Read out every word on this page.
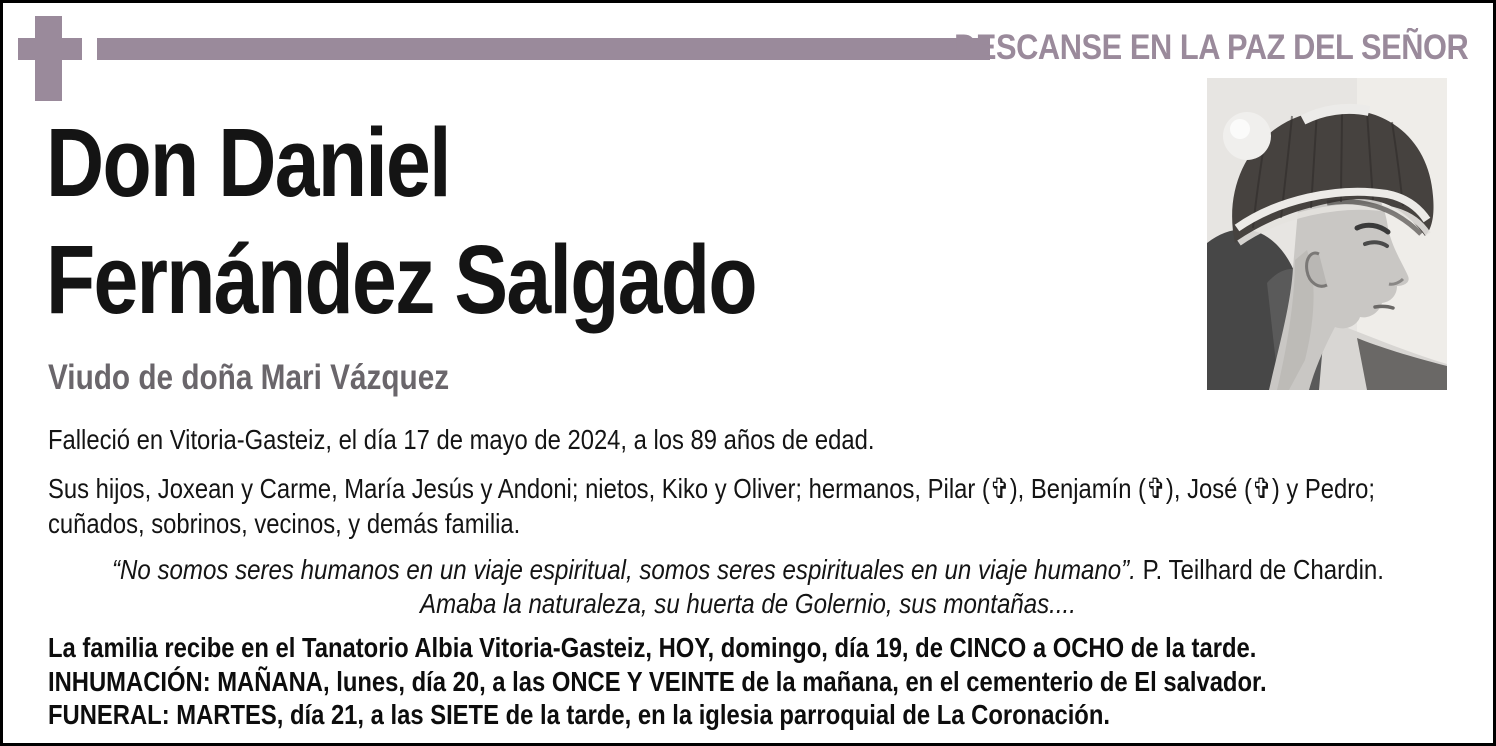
DESCANSE EN LA PAZ DEL SEÑOR
Don Daniel
Fernández Salgado
Viudo de doña Mari Vázquez
Falleció en Vitoria-Gasteiz, el día 17 de mayo de 2024, a los 89 años de edad.
Sus hijos, Joxean y Carme, María Jesús y Andoni; nietos, Kiko y Oliver; hermanos, Pilar (✞), Benjamín (✞), José (✞) y Pedro;
cuñados, sobrinos, vecinos, y demás familia.
“No somos seres humanos en un viaje espiritual, somos seres espirituales en un viaje humano”. P. Teilhard de Chardin.
Amaba la naturaleza, su huerta de Golernio, sus montañas....
La familia recibe en el Tanatorio Albia Vitoria-Gasteiz, HOY, domingo, día 19, de CINCO a OCHO de la tarde.
INHUMACIÓN: MAÑANA, lunes, día 20, a las ONCE Y VEINTE de la mañana, en el cementerio de El salvador.
FUNERAL: MARTES, día 21, a las SIETE de la tarde, en la iglesia parroquial de La Coronación.
